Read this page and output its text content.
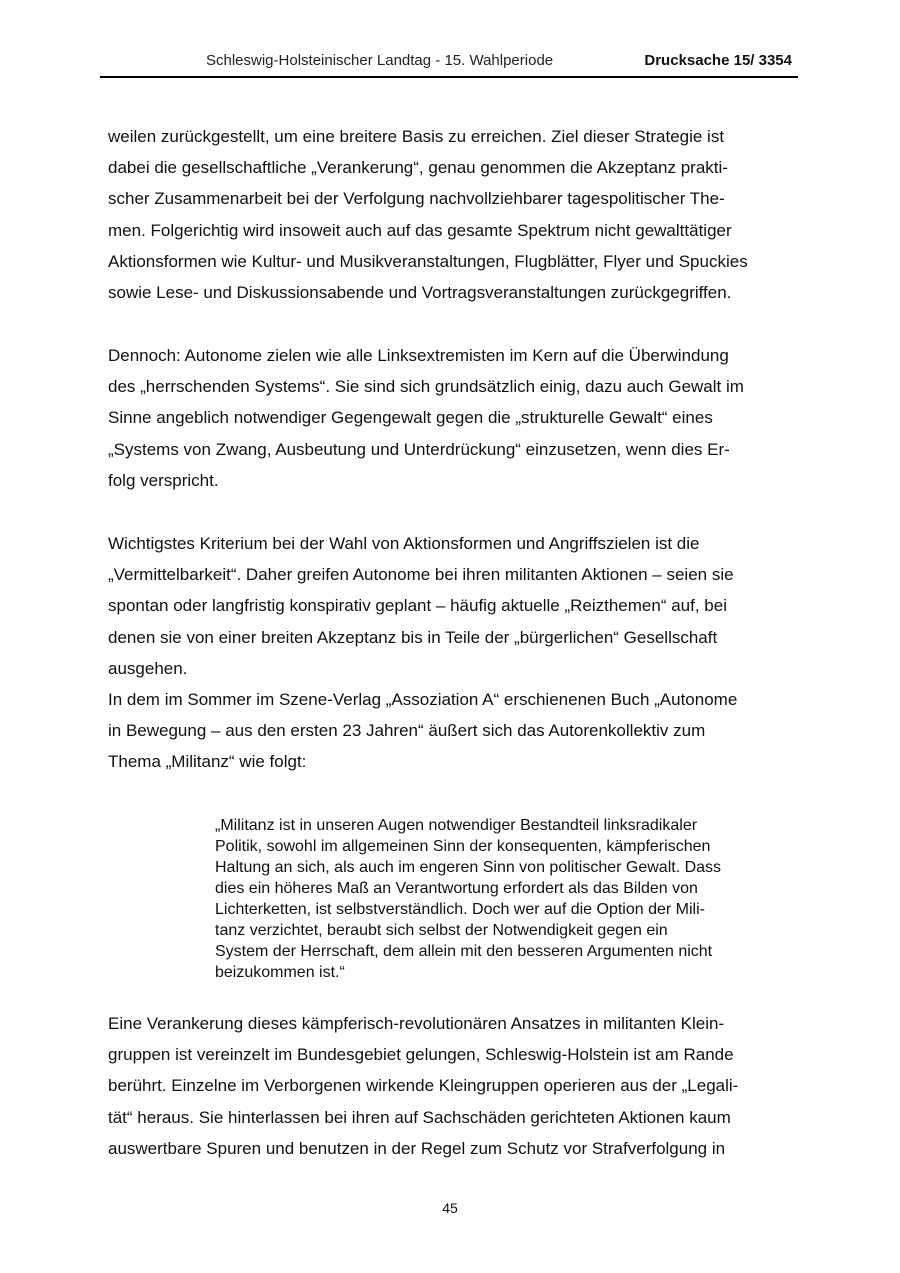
Schleswig-Holsteinischer Landtag - 15. Wahlperiode	Drucksache 15/ 3354

weilen zurückgestellt, um eine breitere Basis zu erreichen. Ziel dieser Strategie ist
dabei die gesellschaftliche „Verankerung“, genau genommen die Akzeptanz prakti-
scher Zusammenarbeit bei der Verfolgung nachvollziehbarer tagespolitischer The-
men. Folgerichtig wird insoweit auch auf das gesamte Spektrum nicht gewalttätiger
Aktionsformen wie Kultur- und Musikveranstaltungen, Flugblätter, Flyer und Spuckies
sowie Lese- und Diskussionsabende und Vortragsveranstaltungen zurückgegriffen.

Dennoch: Autonome zielen wie alle Linksextremisten im Kern auf die Überwindung
des „herrschenden Systems“. Sie sind sich grundsätzlich einig, dazu auch Gewalt im
Sinne angeblich notwendiger Gegengewalt gegen die „strukturelle Gewalt“ eines
„Systems von Zwang, Ausbeutung und Unterdrückung“ einzusetzen, wenn dies Er-
folg verspricht.

Wichtigstes Kriterium bei der Wahl von Aktionsformen und Angriffszielen ist die
„Vermittelbarkeit“. Daher greifen Autonome bei ihren militanten Aktionen – seien sie
spontan oder langfristig konspirativ geplant – häufig aktuelle „Reizthemen“ auf, bei
denen sie von einer breiten Akzeptanz bis in Teile der „bürgerlichen“ Gesellschaft
ausgehen.
In dem im Sommer im Szene-Verlag „Assoziation A“ erschienenen Buch „Autonome
in Bewegung – aus den ersten 23 Jahren“ äußert sich das Autorenkollektiv zum
Thema „Militanz“ wie folgt:

„Militanz ist in unseren Augen notwendiger Bestandteil linksradikaler
Politik, sowohl im allgemeinen Sinn der konsequenten, kämpferischen
Haltung an sich, als auch im engeren Sinn von politischer Gewalt. Dass
dies ein höheres Maß an Verantwortung erfordert als das Bilden von
Lichterketten, ist selbstverständlich. Doch wer auf die Option der Mili-
tanz verzichtet, beraubt sich selbst der Notwendigkeit gegen ein
System der Herrschaft, dem allein mit den besseren Argumenten nicht
beizukommen ist.“

Eine Verankerung dieses kämpferisch-revolutionären Ansatzes in militanten Klein-
gruppen ist vereinzelt im Bundesgebiet gelungen, Schleswig-Holstein ist am Rande
berührt. Einzelne im Verborgenen wirkende Kleingruppen operieren aus der „Legali-
tät“ heraus. Sie hinterlassen bei ihren auf Sachschäden gerichteten Aktionen kaum
auswertbare Spuren und benutzen in der Regel zum Schutz vor Strafverfolgung in

45
